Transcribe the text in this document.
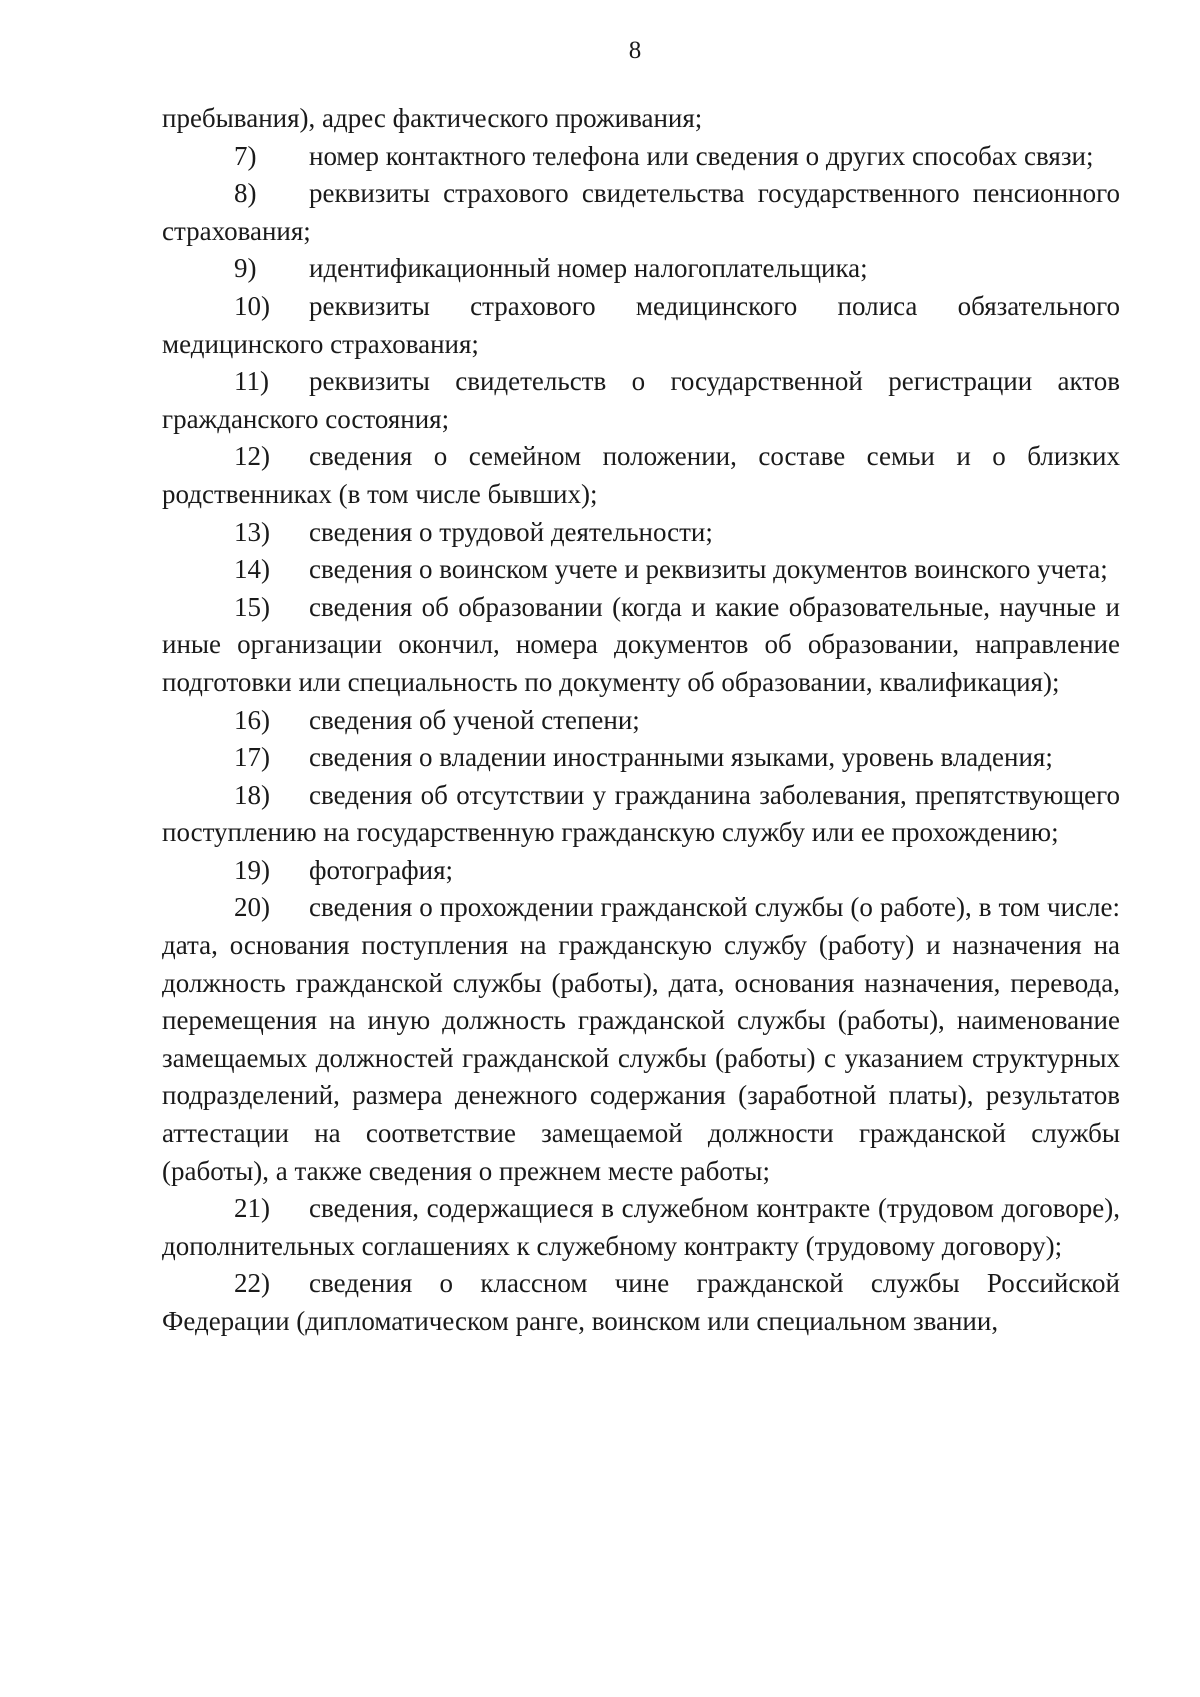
8

пребывания), адрес фактического проживания;

7) номер контактного телефона или сведения о других способах связи;

8) реквизиты страхового свидетельства государственного пенсионного страхования;

9) идентификационный номер налогоплательщика;

10) реквизиты страхового медицинского полиса обязательного медицинского страхования;

11) реквизиты свидетельств о государственной регистрации актов гражданского состояния;

12) сведения о семейном положении, составе семьи и о близких родственниках (в том числе бывших);

13) сведения о трудовой деятельности;

14) сведения о воинском учете и реквизиты документов воинского учета;

15) сведения об образовании (когда и какие образовательные, научные и иные организации окончил, номера документов об образовании, направление подготовки или специальность по документу об образовании, квалификация);

16) сведения об ученой степени;

17) сведения о владении иностранными языками, уровень владения;

18) сведения об отсутствии у гражданина заболевания, препятствующего поступлению на государственную гражданскую службу или ее прохождению;

19) фотография;

20) сведения о прохождении гражданской службы (о работе), в том числе: дата, основания поступления на гражданскую службу (работу) и назначения на должность гражданской службы (работы), дата, основания назначения, перевода, перемещения на иную должность гражданской службы (работы), наименование замещаемых должностей гражданской службы (работы) с указанием структурных подразделений, размера денежного содержания (заработной платы), результатов аттестации на соответствие замещаемой должности гражданской службы (работы), а также сведения о прежнем месте работы;

21) сведения, содержащиеся в служебном контракте (трудовом договоре), дополнительных соглашениях к служебному контракту (трудовому договору);

22) сведения о классном чине гражданской службы Российской Федерации (дипломатическом ранге, воинском или специальном звании,
